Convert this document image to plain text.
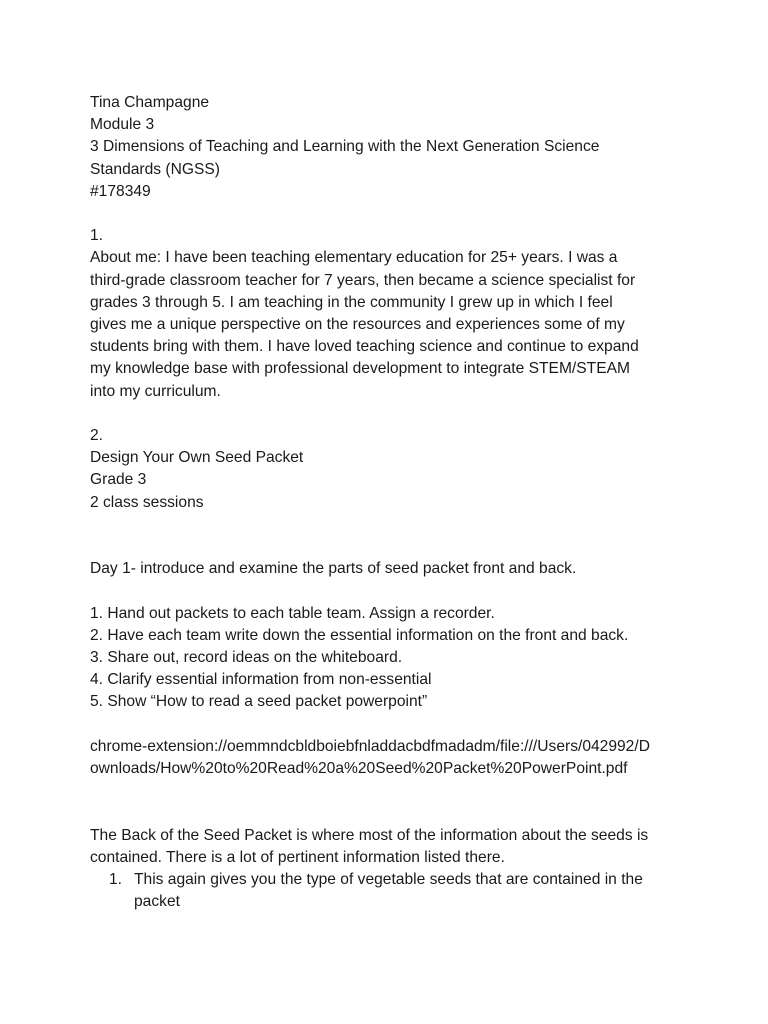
Tina Champagne
Module 3
3 Dimensions of Teaching and Learning with the Next Generation Science
Standards (NGSS)
#178349
1.
About me: I have been teaching elementary education for 25+ years. I was a
third-grade classroom teacher for 7 years, then became a science specialist for
grades 3 through 5. I am teaching in the community I grew up in which I feel
gives me a unique perspective on the resources and experiences some of my
students bring with them. I have loved teaching science and continue to expand
my knowledge base with professional development to integrate STEM/STEAM
into my curriculum.
2.
Design Your Own Seed Packet
Grade 3
2 class sessions
Day 1- introduce and examine the parts of seed packet front and back.
1. Hand out packets to each table team. Assign a recorder.
2. Have each team write down the essential information on the front and back.
3. Share out, record ideas on the whiteboard.
4. Clarify essential information from non-essential
5. Show “How to read a seed packet powerpoint”
chrome-extension://oemmndcbldboiebfnladdacbdfmadadm/file:///Users/042992/D
ownloads/How%20to%20Read%20a%20Seed%20Packet%20PowerPoint.pdf
The Back of the Seed Packet is where most of the information about the seeds is
contained. There is a lot of pertinent information listed there.
1. This again gives you the type of vegetable seeds that are contained in the
packet
